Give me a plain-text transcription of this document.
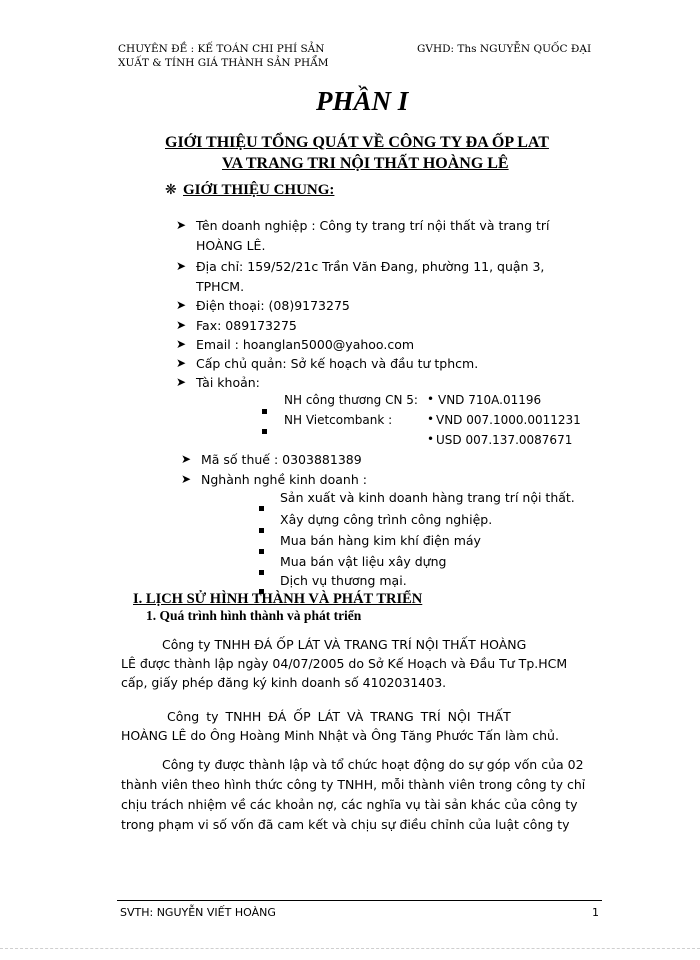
CHUYÊN ĐỀ : KẾ TOÁN CHI PHÍ SẢN
XUẤT & TÍNH GIÁ THÀNH SẢN PHẨM
GVHD: Ths NGUYỄN QUỐC ĐẠI
PHẦN I
GIỚI THIỆU TỔNG QUÁT VỀ CÔNG TY ĐA ỐP LAT
VA TRANG TRI NỘI THẤT HOÀNG LÊ
❋ GIỚI THIỆU CHUNG:
➤ Tên doanh nghiệp : Công ty trang trí nội thất và trang trí
HOÀNG LÊ.
➤ Địa chỉ: 159/52/21c Trần Văn Đang, phường 11, quận 3,
TPHCM.
➤ Điện thoại: (08)9173275
➤ Fax: 089173275
➤ Email : hoanglan5000@yahoo.com
➤ Cấp chủ quản: Sở kế hoạch và đầu tư tphcm.
➤ Tài khoản:
NH công thương CN 5: • VND 710A.01196
NH Vietcombank :	• VND 007.1000.0011231
• USD 007.137.0087671
➤ Mã số thuế : 0303881389
➤ Nghành nghề kinh doanh :
Sản xuất và kinh doanh hàng trang trí nội thất.
Xây dựng công trình công nghiệp.
Mua bán hàng kim khí điện máy
Mua bán vật liệu xây dựng
Dịch vụ thương mại.
I. LỊCH SỬ HÌNH THÀNH VÀ PHÁT TRIỂN
1. Quá trình hình thành và phát triển
Công ty TNHH ĐÁ ỐP LÁT VÀ TRANG TRÍ NỘI THẤT HOÀNG
LÊ được thành lập ngày 04/07/2005 do Sở Kế Hoạch và Đầu Tư Tp.HCM
cấp, giấy phép đăng ký kinh doanh số 4102031403.
Công ty TNHH ĐÁ ỐP LÁT VÀ TRANG TRÍ NỘI THẤT
HOÀNG LÊ do Ông Hoàng Minh Nhật và Ông Tăng Phước Tấn làm chủ.
Công ty được thành lập và tổ chức hoạt động do sự góp vốn của 02
thành viên theo hình thức công ty TNHH, mỗi thành viên trong công ty chỉ
chịu trách nhiệm về các khoản nợ, các nghĩa vụ tài sản khác của công ty
trong phạm vi số vốn đã cam kết và chịu sự điều chỉnh của luật công ty
SVTH: NGUYỄN VIẾT HOÀNG	1
